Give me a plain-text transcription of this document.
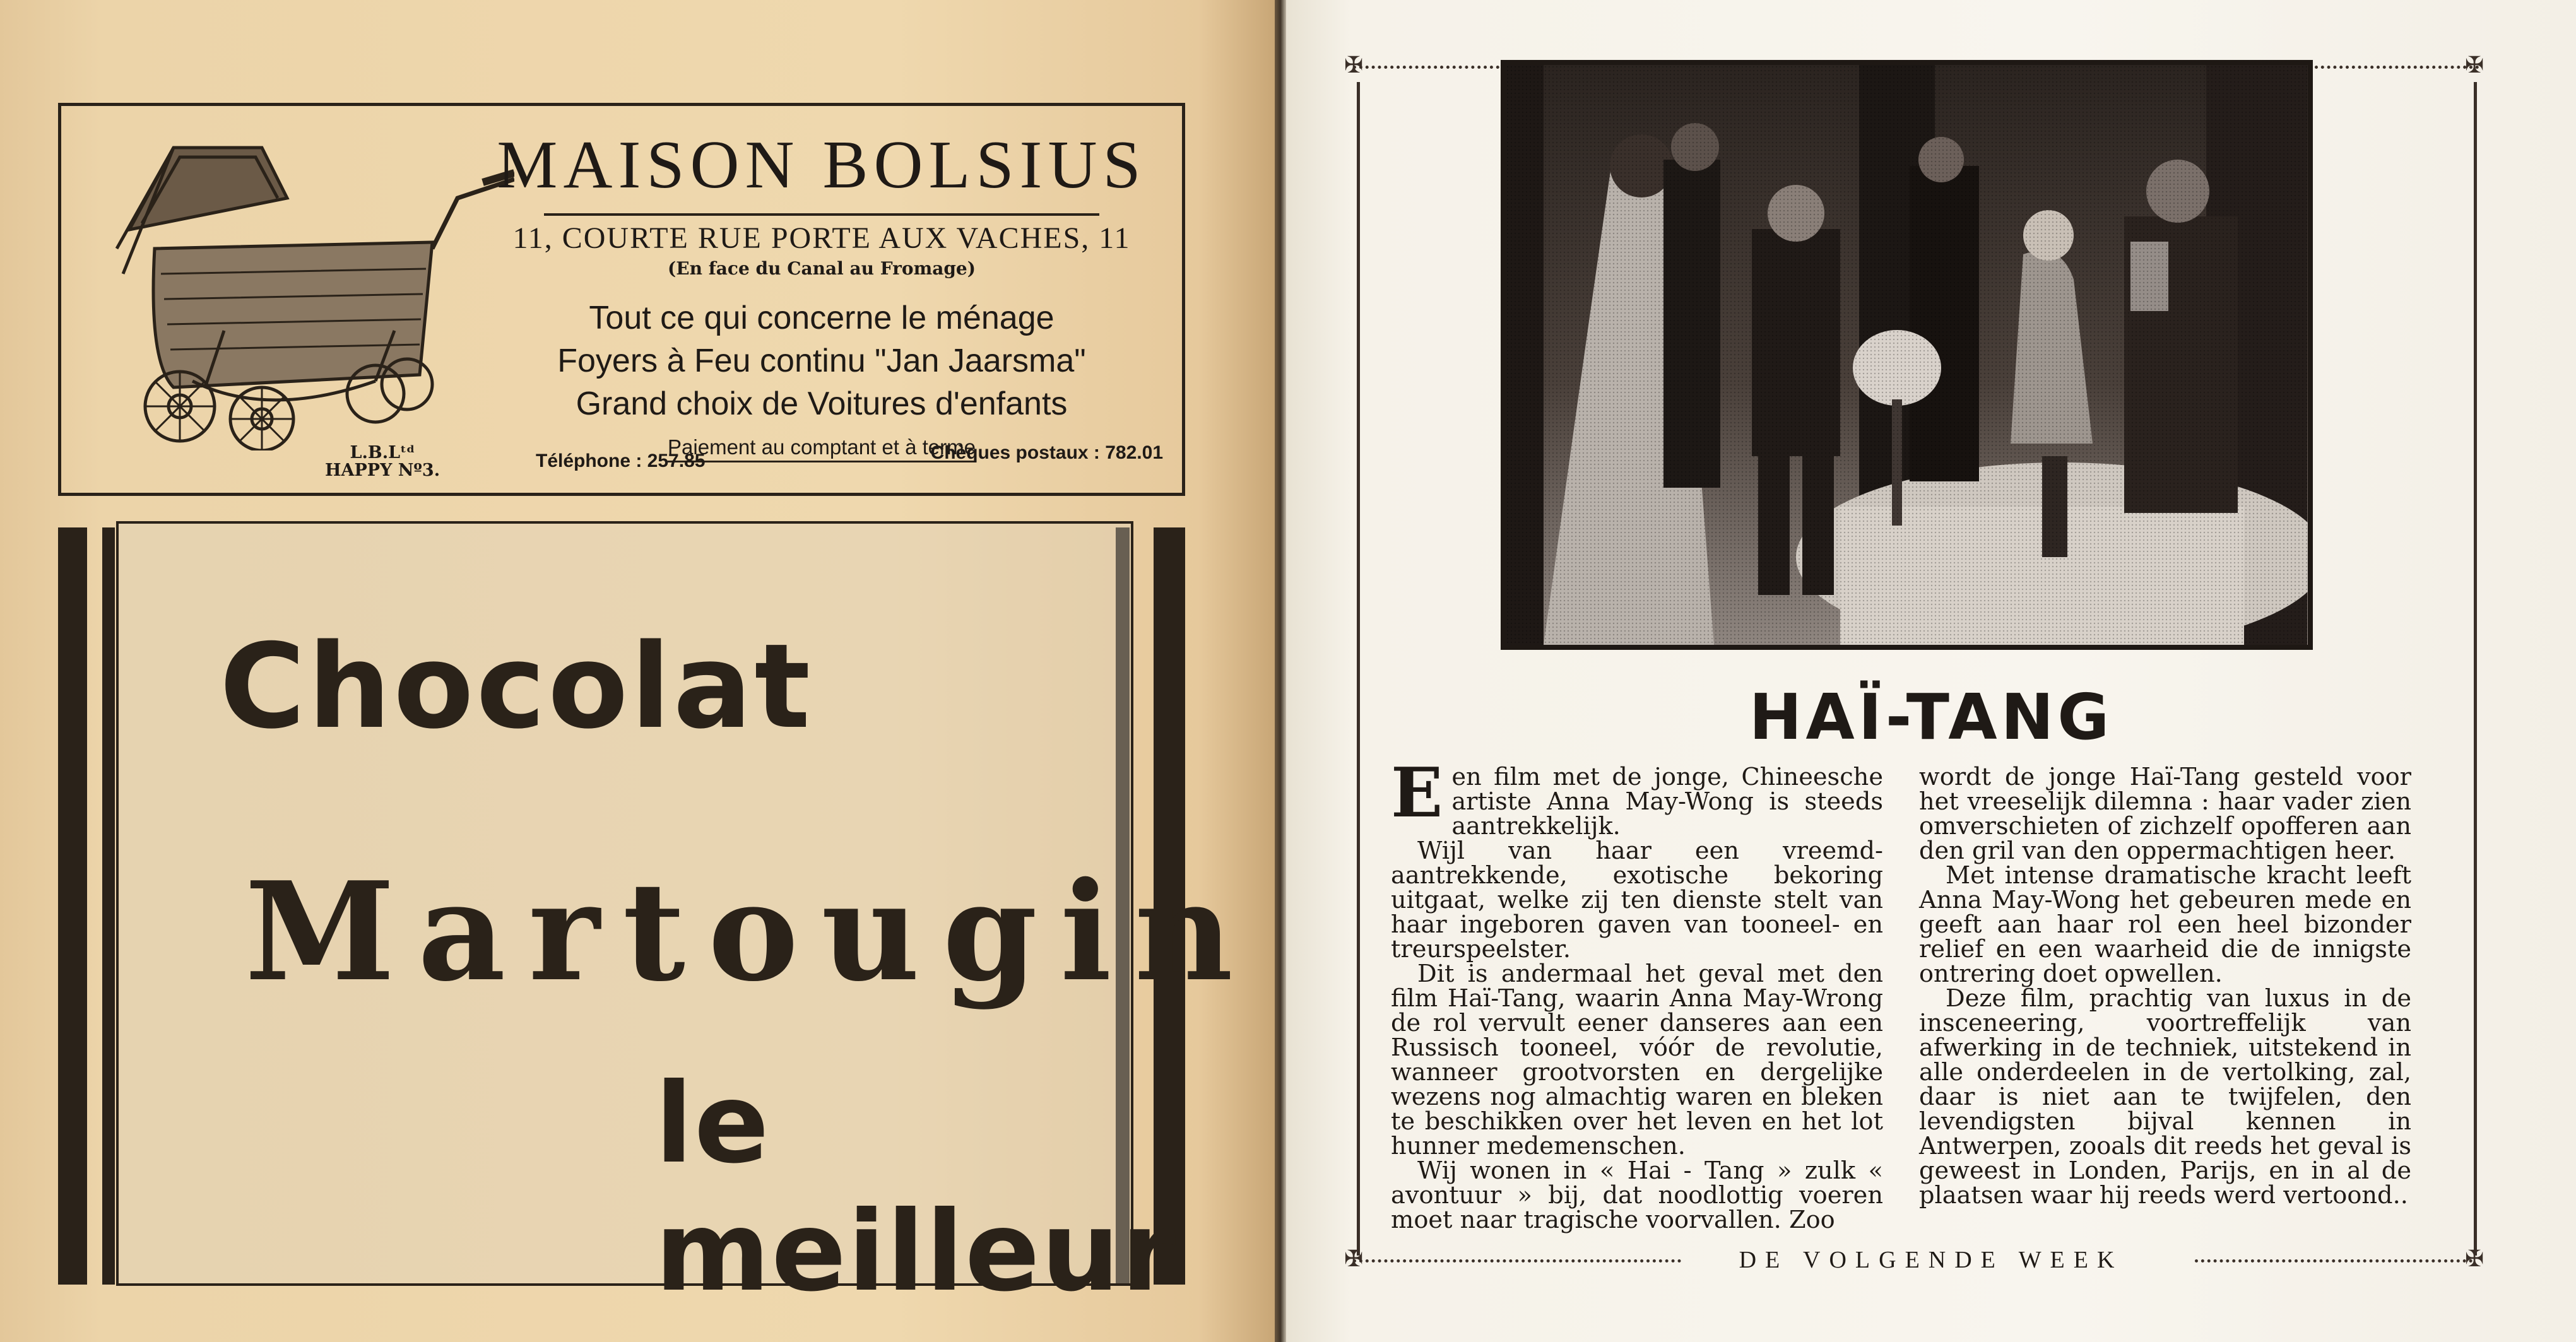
L.B.Lᵗᵈ
HAPPY Nº3.
MAISON BOLSIUS
11, COURTE RUE PORTE AUX VACHES, 11
(En face du Canal au Fromage)
Tout ce qui concerne le ménage
Foyers à Feu continu "Jan Jaarsma"
Grand choix de Voitures d'enfants
Paiement au comptant et à terme
Téléphone : 257.85	Chèques postaux : 782.01
Chocolat
Martougin
le meilleur
✠	✠
✠	✠
HAÏ-TANG

Een film met de jonge, Chineesche artiste Anna May-Wong is steeds aantrekkelijk.

Wijl van haar een vreemd-aantrekkende, exotische bekoring uitgaat, welke zij ten dienste stelt van haar ingeboren gaven van tooneel- en treurspeelster.

Dit is andermaal het geval met den film Haï-Tang, waarin Anna May-Wrong de rol vervult eener danseres aan een Russisch tooneel, vóór de revolutie, wanneer grootvorsten en dergelijke wezens nog almachtig waren en bleken te beschikken over het leven en het lot hunner medemenschen.

Wij wonen in « Hai - Tang » zulk « avontuur » bij, dat noodlottig voeren moet naar tragische voorvallen. Zoo

wordt de jonge Haï-Tang gesteld voor het vreeselijk dilemna : haar vader zien omverschieten of zichzelf opofferen aan den gril van den oppermachtigen heer.

Met intense dramatische kracht leeft Anna May-Wong het gebeuren mede en geeft aan haar rol een heel bizonder relief en een waarheid die de innigste ontrering doet opwellen.

Deze film, prachtig van luxus in de insceneering, voortreffelijk van afwerking in de techniek, uitstekend in alle onderdeelen in de vertolking, zal, daar is niet aan te twijfelen, den levendigsten bijval kennen in Antwerpen, zooals dit reeds het geval is geweest in Londen, Parijs, en in al de plaatsen waar hij reeds werd vertoond..

DE VOLGENDE WEEK
